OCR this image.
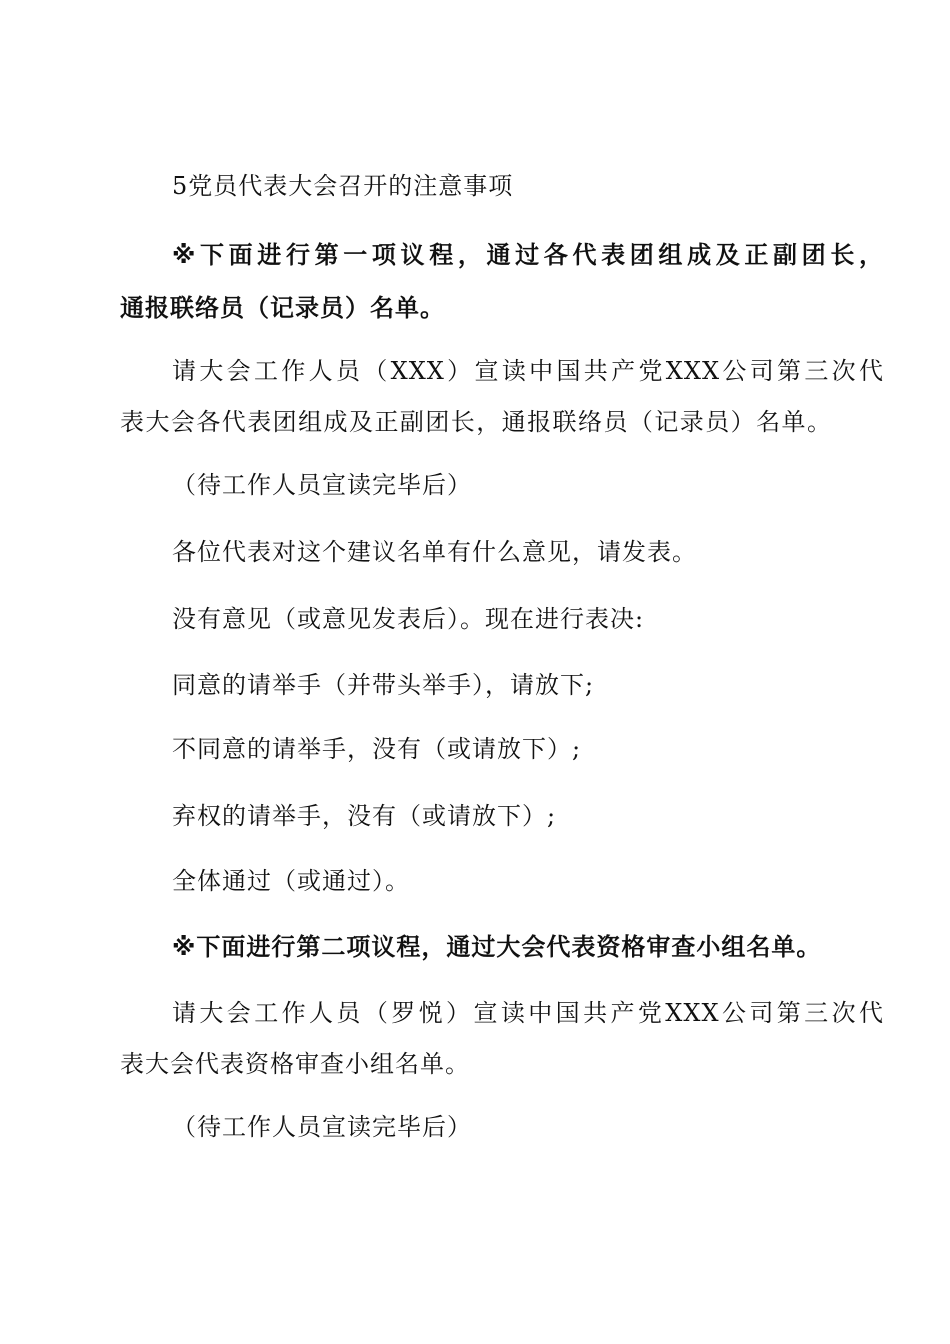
5党员代表大会召开的注意事项
※下面进行第一项议程，通过各代表团组成及正副团长，
通报联络员（记录员）名单。
请大会工作人员（XXX）宣读中国共产党XXX公司第三次代
表大会各代表团组成及正副团长，通报联络员（记录员）名单。
（待工作人员宣读完毕后）
各位代表对这个建议名单有什么意见，请发表。
没有意见（或意见发表后）。现在进行表决:
同意的请举手（并带头举手），请放下;
不同意的请举手，没有（或请放下）;
弃权的请举手，没有（或请放下）;
全体通过（或通过）。
※下面进行第二项议程，通过大会代表资格审查小组名单。
请大会工作人员（罗悦）宣读中国共产党XXX公司第三次代
表大会代表资格审查小组名单。
（待工作人员宣读完毕后）
